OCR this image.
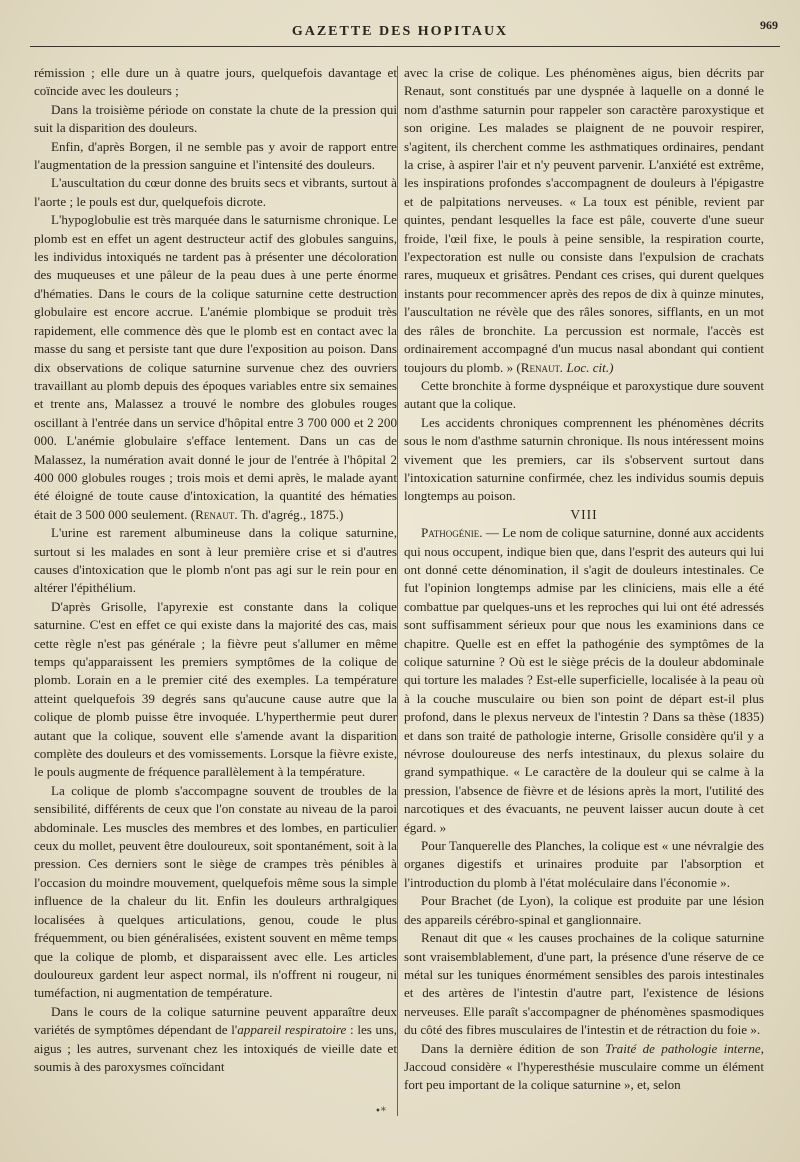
GAZETTE DES HOPITAUX	969

rémission ; elle dure un à quatre jours, quelquefois davantage et coïncide avec les douleurs ;

Dans la troisième période on constate la chute de la pression qui suit la disparition des douleurs.

Enfin, d'après Borgen, il ne semble pas y avoir de rapport entre l'augmentation de la pression sanguine et l'intensité des douleurs.

L'auscultation du cœur donne des bruits secs et vibrants, surtout à l'aorte ; le pouls est dur, quelquefois dicrote.

L'hypoglobulie est très marquée dans le saturnisme chronique. Le plomb est en effet un agent destructeur actif des globules sanguins, les individus intoxiqués ne tardent pas à présenter une décoloration des muqueuses et une pâleur de la peau dues à une perte énorme d'hématies. Dans le cours de la colique saturnine cette destruction globulaire est encore accrue. L'anémie plombique se produit très rapidement, elle commence dès que le plomb est en contact avec la masse du sang et persiste tant que dure l'exposition au poison. Dans dix observations de colique saturnine survenue chez des ouvriers travaillant au plomb depuis des époques variables entre six semaines et trente ans, Malassez a trouvé le nombre des globules rouges oscillant à l'entrée dans un service d'hôpital entre 3 700 000 et 2 200 000. L'anémie globulaire s'efface lentement. Dans un cas de Malassez, la numération avait donné le jour de l'entrée à l'hôpital 2 400 000 globules rouges ; trois mois et demi après, le malade ayant été éloigné de toute cause d'intoxication, la quantité des hématies était de 3 500 000 seulement. (Renaut. Th. d'agrég., 1875.)

L'urine est rarement albumineuse dans la colique saturnine, surtout si les malades en sont à leur première crise et si d'autres causes d'intoxication que le plomb n'ont pas agi sur le rein pour en altérer l'épithélium.

D'après Grisolle, l'apyrexie est constante dans la colique saturnine. C'est en effet ce qui existe dans la majorité des cas, mais cette règle n'est pas générale ; la fièvre peut s'allumer en même temps qu'apparaissent les premiers symptômes de la colique de plomb. Lorain en a le premier cité des exemples. La température atteint quelquefois 39 degrés sans qu'aucune cause autre que la colique de plomb puisse être invoquée. L'hyperthermie peut durer autant que la colique, souvent elle s'amende avant la disparition complète des douleurs et des vomissements. Lorsque la fièvre existe, le pouls augmente de fréquence parallèlement à la température.

La colique de plomb s'accompagne souvent de troubles de la sensibilité, différents de ceux que l'on constate au niveau de la paroi abdominale. Les muscles des membres et des lombes, en particulier ceux du mollet, peuvent être douloureux, soit spontanément, soit à la pression. Ces derniers sont le siège de crampes très pénibles à l'occasion du moindre mouvement, quelquefois même sous la simple influence de la chaleur du lit. Enfin les douleurs arthralgiques localisées à quelques articulations, genou, coude le plus fréquemment, ou bien généralisées, existent souvent en même temps que la colique de plomb, et disparaissent avec elle. Les articles douloureux gardent leur aspect normal, ils n'offrent ni rougeur, ni tuméfaction, ni augmentation de température.

Dans le cours de la colique saturnine peuvent apparaître deux variétés de symptômes dépendant de l'appareil respiratoire : les uns, aigus ; les autres, survenant chez les intoxiqués de vieille date et soumis à des paroxysmes coïncidant

avec la crise de colique. Les phénomènes aigus, bien décrits par Renaut, sont constitués par une dyspnée à laquelle on a donné le nom d'asthme saturnin pour rappeler son caractère paroxystique et son origine. Les malades se plaignent de ne pouvoir respirer, s'agitent, ils cherchent comme les asthmatiques ordinaires, pendant la crise, à aspirer l'air et n'y peuvent parvenir. L'anxiété est extrême, les inspirations profondes s'accompagnent de douleurs à l'épigastre et de palpitations nerveuses. « La toux est pénible, revient par quintes, pendant lesquelles la face est pâle, couverte d'une sueur froide, l'œil fixe, le pouls à peine sensible, la respiration courte, l'expectoration est nulle ou consiste dans l'expulsion de crachats rares, muqueux et grisâtres. Pendant ces crises, qui durent quelques instants pour recommencer après des repos de dix à quinze minutes, l'auscultation ne révèle que des râles sonores, sifflants, en un mot des râles de bronchite. La percussion est normale, l'accès est ordinairement accompagné d'un mucus nasal abondant qui contient toujours du plomb. » (Renaut. Loc. cit.)

Cette bronchite à forme dyspnéique et paroxystique dure souvent autant que la colique.

Les accidents chroniques comprennent les phénomènes décrits sous le nom d'asthme saturnin chronique. Ils nous intéressent moins vivement que les premiers, car ils s'observent surtout dans l'intoxication saturnine confirmée, chez les individus soumis depuis longtemps au poison.

VIII

Pathogénie. — Le nom de colique saturnine, donné aux accidents qui nous occupent, indique bien que, dans l'esprit des auteurs qui lui ont donné cette dénomination, il s'agit de douleurs intestinales. Ce fut l'opinion longtemps admise par les cliniciens, mais elle a été combattue par quelques-uns et les reproches qui lui ont été adressés sont suffisamment sérieux pour que nous les examinions dans ce chapitre. Quelle est en effet la pathogénie des symptômes de la colique saturnine ? Où est le siège précis de la douleur abdominale qui torture les malades ? Est-elle superficielle, localisée à la peau où à la couche musculaire ou bien son point de départ est-il plus profond, dans le plexus nerveux de l'intestin ? Dans sa thèse (1835) et dans son traité de pathologie interne, Grisolle considère qu'il y a névrose douloureuse des nerfs intestinaux, du plexus solaire du grand sympathique. « Le caractère de la douleur qui se calme à la pression, l'absence de fièvre et de lésions après la mort, l'utilité des narcotiques et des évacuants, ne peuvent laisser aucun doute à cet égard. »

Pour Tanquerelle des Planches, la colique est « une névralgie des organes digestifs et urinaires produite par l'absorption et l'introduction du plomb à l'état moléculaire dans l'économie ».

Pour Brachet (de Lyon), la colique est produite par une lésion des appareils cérébro-spinal et ganglionnaire.

Renaut dit que « les causes prochaines de la colique saturnine sont vraisemblablement, d'une part, la présence d'une réserve de ce métal sur les tuniques énormément sensibles des parois intestinales et des artères de l'intestin d'autre part, l'existence de lésions nerveuses. Elle paraît s'accompagner de phénomènes spasmodiques du côté des fibres musculaires de l'intestin et de rétraction du foie ».

Dans la dernière édition de son Traité de pathologie interne, Jaccoud considère « l'hyperesthésie musculaire comme un élément fort peu important de la colique saturnine », et, selon

•*
